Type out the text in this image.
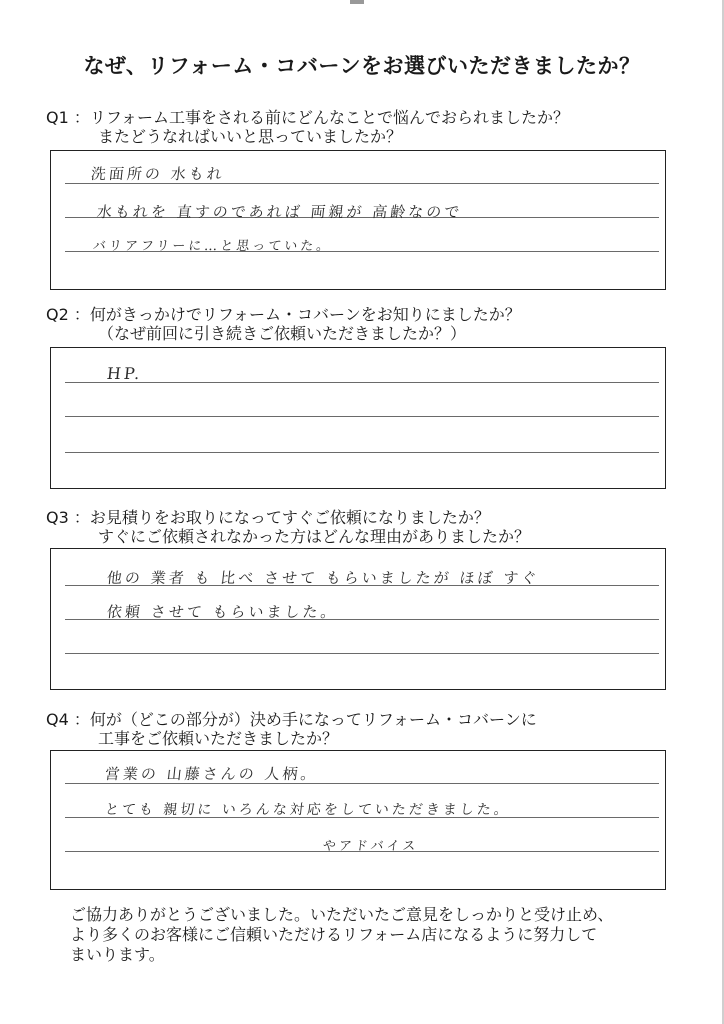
なぜ、リフォーム・コバーンをお選びいただきましたか？
Q1 ：リフォーム工事をされる前にどんなことで悩んでおられましたか？
またどうなればいいと思っていましたか？
洗面所の 水もれ
水もれを 直すのであれば 両親が 高齢なので
バリアフリーに…と思っていた。
Q2 ：何がきっかけでリフォーム・コバーンをお知りにましたか？
（なぜ前回に引き続きご依頼いただきましたか？）
HP.
Q3 ：お見積りをお取りになってすぐご依頼になりましたか？
すぐにご依頼されなかった方はどんな理由がありましたか？
他の 業者 も 比べ させて もらいましたが ほぼ すぐ
依頼 させて もらいました。
Q4 ：何が（どこの部分が）決め手になってリフォーム・コバーンに
工事をご依頼いただきましたか？
営業の 山藤さんの 人柄。
とても 親切に いろんな対応をしていただきました。
やアドバイス
ご協力ありがとうございました。いただいたご意見をしっかりと受け止め、
より多くのお客様にご信頼いただけるリフォーム店になるように努力して
まいります。
